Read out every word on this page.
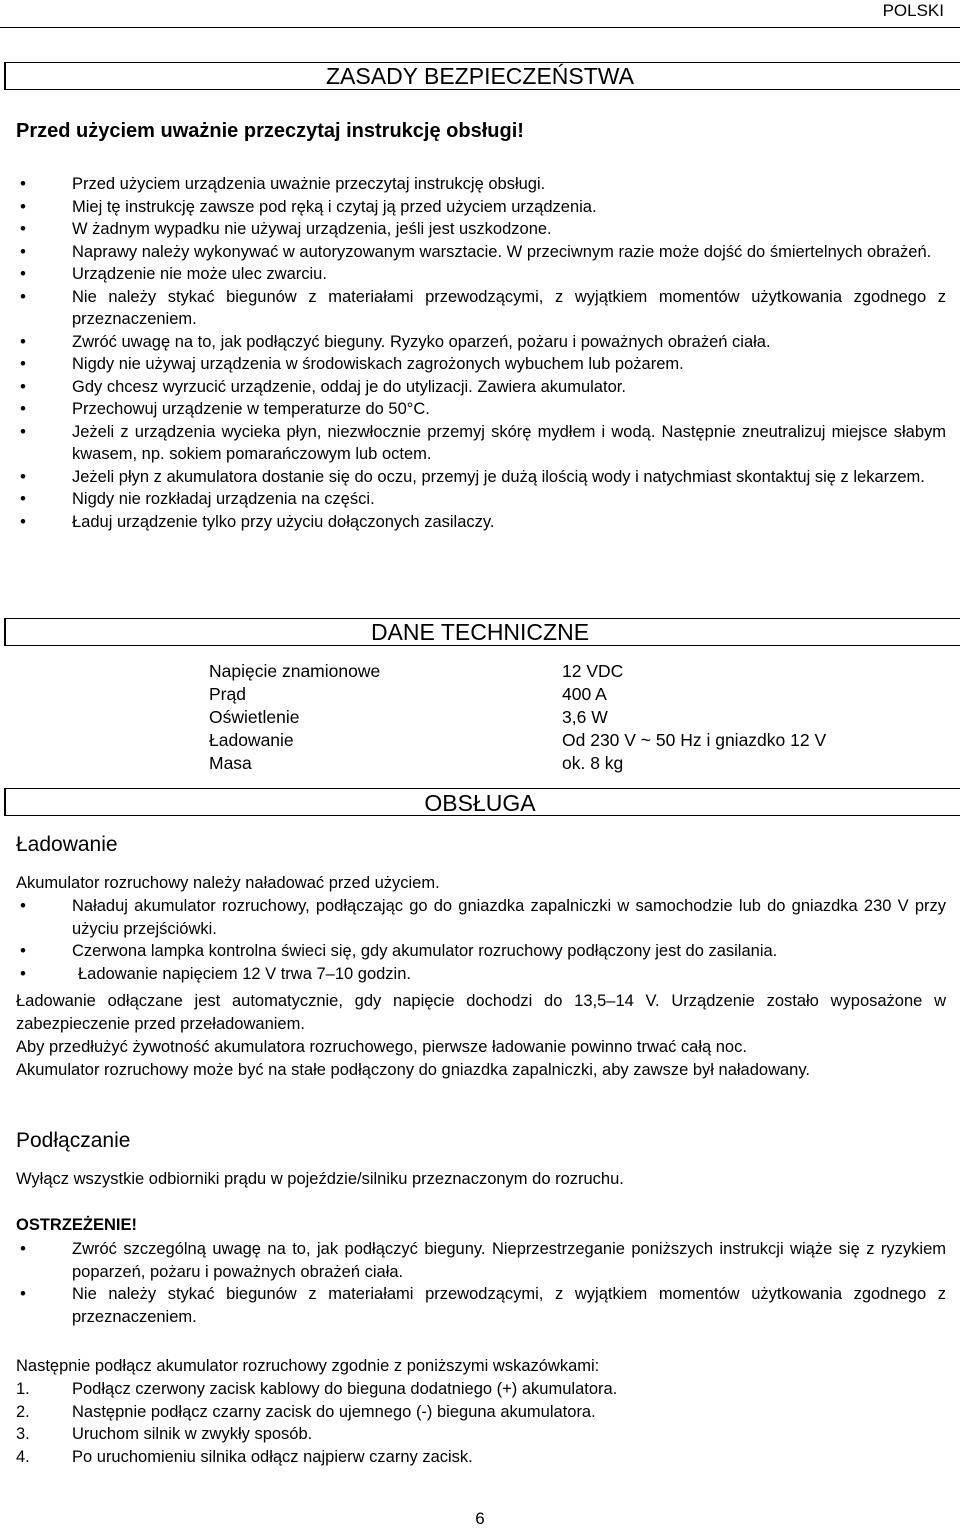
POLSKI
ZASADY BEZPIECZEŃSTWA
Przed użyciem uważnie przeczytaj instrukcję obsługi!
• Przed użyciem urządzenia uważnie przeczytaj instrukcję obsługi.
• Miej tę instrukcję zawsze pod ręką i czytaj ją przed użyciem urządzenia.
• W żadnym wypadku nie używaj urządzenia, jeśli jest uszkodzone.
• Naprawy należy wykonywać w autoryzowanym warsztacie. W przeciwnym razie może dojść do śmiertelnych obrażeń.
• Urządzenie nie może ulec zwarciu.
• Nie należy stykać biegunów z materiałami przewodzącymi, z wyjątkiem momentów użytkowania zgodnego z przeznaczeniem.
• Zwróć uwagę na to, jak podłączyć bieguny. Ryzyko oparzeń, pożaru i poważnych obrażeń ciała.
• Nigdy nie używaj urządzenia w środowiskach zagrożonych wybuchem lub pożarem.
• Gdy chcesz wyrzucić urządzenie, oddaj je do utylizacji. Zawiera akumulator.
• Przechowuj urządzenie w temperaturze do 50°C.
• Jeżeli z urządzenia wycieka płyn, niezwłocznie przemyj skórę mydłem i wodą. Następnie zneutralizuj miejsce słabym kwasem, np. sokiem pomarańczowym lub octem.
• Jeżeli płyn z akumulatora dostanie się do oczu, przemyj je dużą ilością wody i natychmiast skontaktuj się z lekarzem.
• Nigdy nie rozkładaj urządzenia na części.
• Ładuj urządzenie tylko przy użyciu dołączonych zasilaczy.
DANE TECHNICZNE
Napięcie znamionowe	12 VDC
Prąd	400 A
Oświetlenie	3,6 W
Ładowanie	Od 230 V ~ 50 Hz i gniazdko 12 V
Masa	ok. 8 kg
OBSŁUGA
Ładowanie
Akumulator rozruchowy należy naładować przed użyciem.
• Naładuj akumulator rozruchowy, podłączając go do gniazdka zapalniczki w samochodzie lub do gniazdka 230 V przy użyciu przejściówki.
• Czerwona lampka kontrolna świeci się, gdy akumulator rozruchowy podłączony jest do zasilania.
• Ładowanie napięciem 12 V trwa 7–10 godzin.
Ładowanie odłączane jest automatycznie, gdy napięcie dochodzi do 13,5–14 V. Urządzenie zostało wyposażone w zabezpieczenie przed przeładowaniem.
Aby przedłużyć żywotność akumulatora rozruchowego, pierwsze ładowanie powinno trwać całą noc.
Akumulator rozruchowy może być na stałe podłączony do gniazdka zapalniczki, aby zawsze był naładowany.
Podłączanie
Wyłącz wszystkie odbiorniki prądu w pojeździe/silniku przeznaczonym do rozruchu.
OSTRZEŻENIE!
• Zwróć szczególną uwagę na to, jak podłączyć bieguny. Nieprzestrzeganie poniższych instrukcji wiąże się z ryzykiem poparzeń, pożaru i poważnych obrażeń ciała.
• Nie należy stykać biegunów z materiałami przewodzącymi, z wyjątkiem momentów użytkowania zgodnego z przeznaczeniem.
Następnie podłącz akumulator rozruchowy zgodnie z poniższymi wskazówkami:
1.	Podłącz czerwony zacisk kablowy do bieguna dodatniego (+) akumulatora.
2.	Następnie podłącz czarny zacisk do ujemnego (-) bieguna akumulatora.
3.	Uruchom silnik w zwykły sposób.
4.	Po uruchomieniu silnika odłącz najpierw czarny zacisk.
6
